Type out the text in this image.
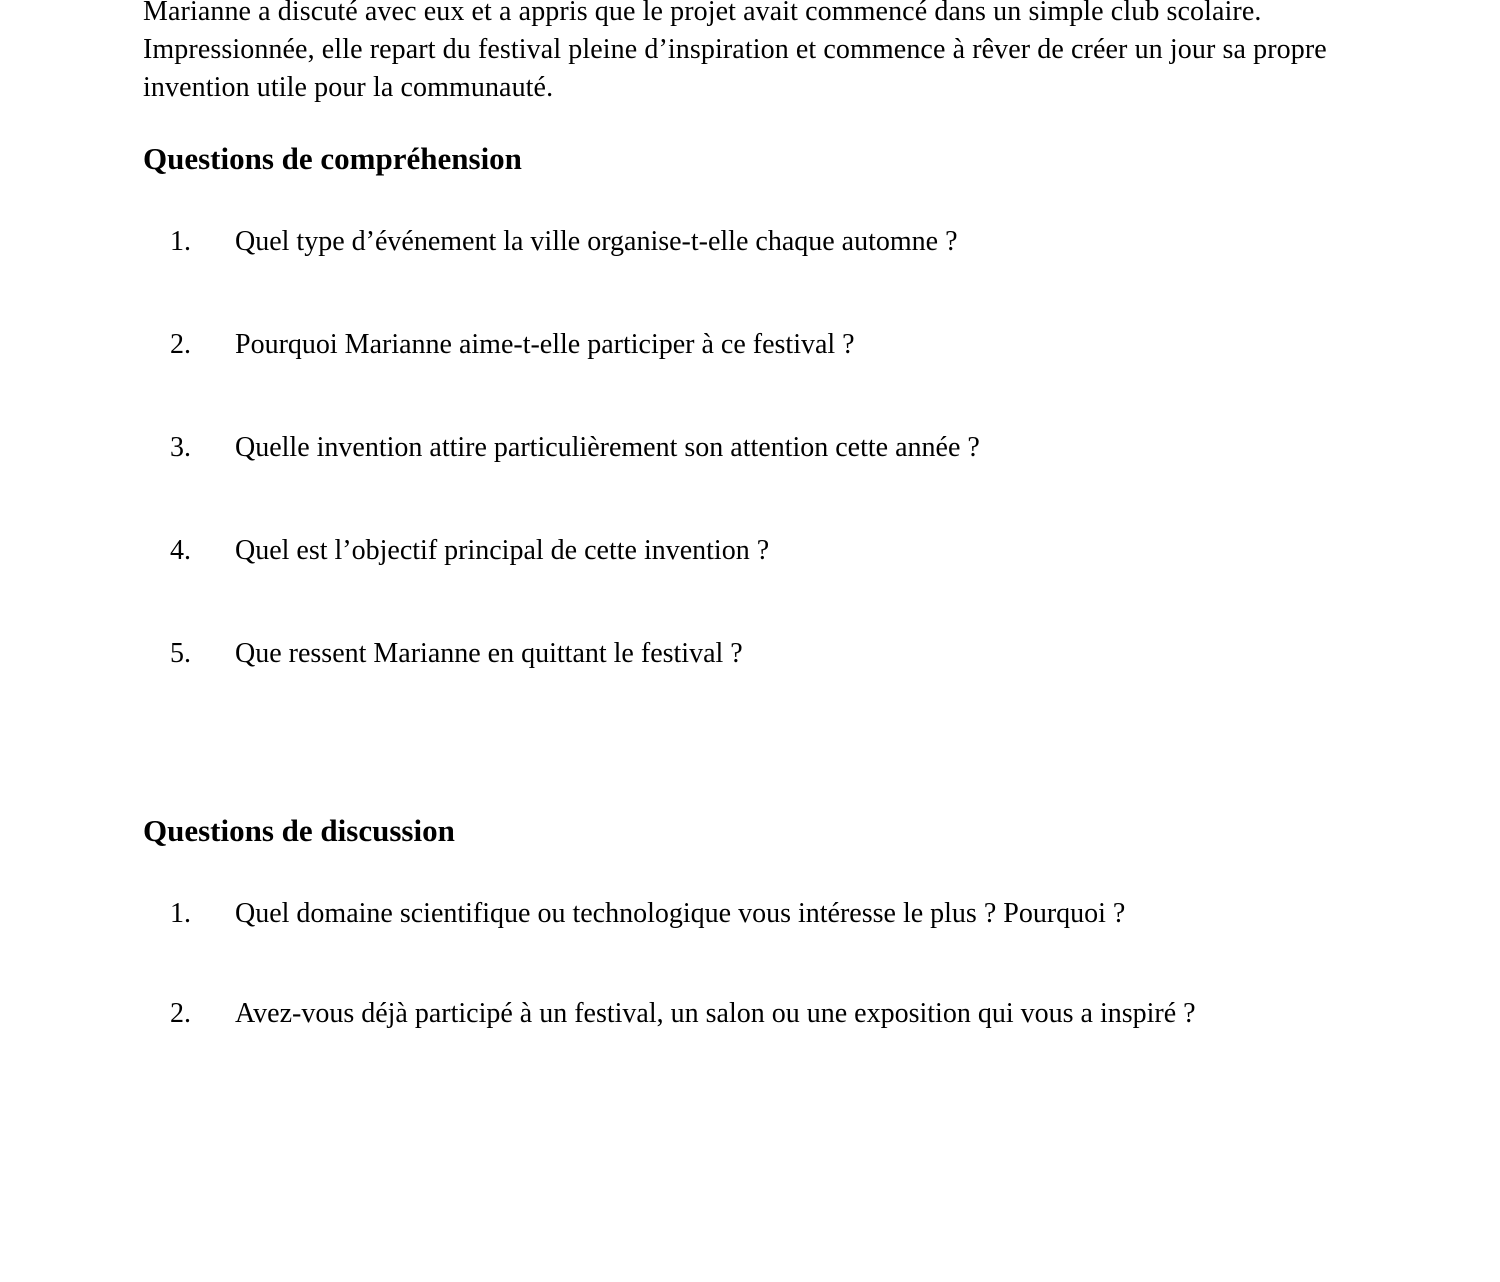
Marianne a discuté avec eux et a appris que le projet avait commencé dans un simple club scolaire. Impressionnée, elle repart du festival pleine d’inspiration et commence à rêver de créer un jour sa propre invention utile pour la communauté.

Questions de compréhension
1.	Quel type d’événement la ville organise-t-elle chaque automne ?
2.	Pourquoi Marianne aime-t-elle participer à ce festival ?
3.	Quelle invention attire particulièrement son attention cette année ?
4.	Quel est l’objectif principal de cette invention ?
5.	Que ressent Marianne en quittant le festival ?
Questions de discussion
1.	Quel domaine scientifique ou technologique vous intéresse le plus ? Pourquoi ?
2.	Avez-vous déjà participé à un festival, un salon ou une exposition qui vous a inspiré ?
